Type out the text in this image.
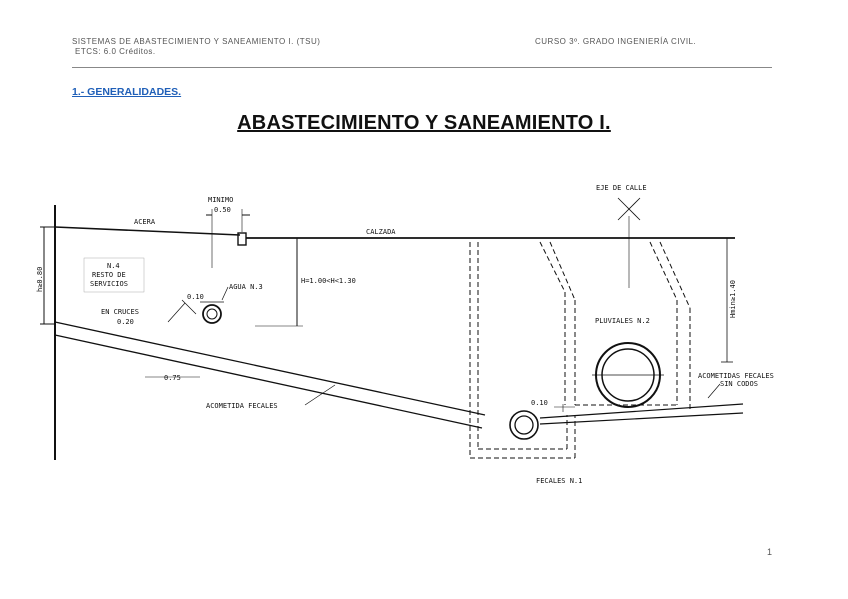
SISTEMAS DE ABASTECIMIENTO Y SANEAMIENTO I. (TSU)
ETCS: 6.0 Créditos.
CURSO 3º. GRADO INGENIERÍA CIVIL.
1.- GENERALIDADES.
ABASTECIMIENTO Y SANEAMIENTO I.
MINIMO
0.50
ACERA
CALZADA
EJE DE CALLE
h≥0.80	H=1.00<H<1.30	Hmin≥1.40
N.4
RESTO DE
SERVICIOS	AGUA N.3
0.10
EN CRUCES
0.20	PLUVIALES N.2
ACOMETIDAS FECALES
SIN CODOS
0.75
ACOMETIDA FECALES	0.10
FECALES N.1
1
